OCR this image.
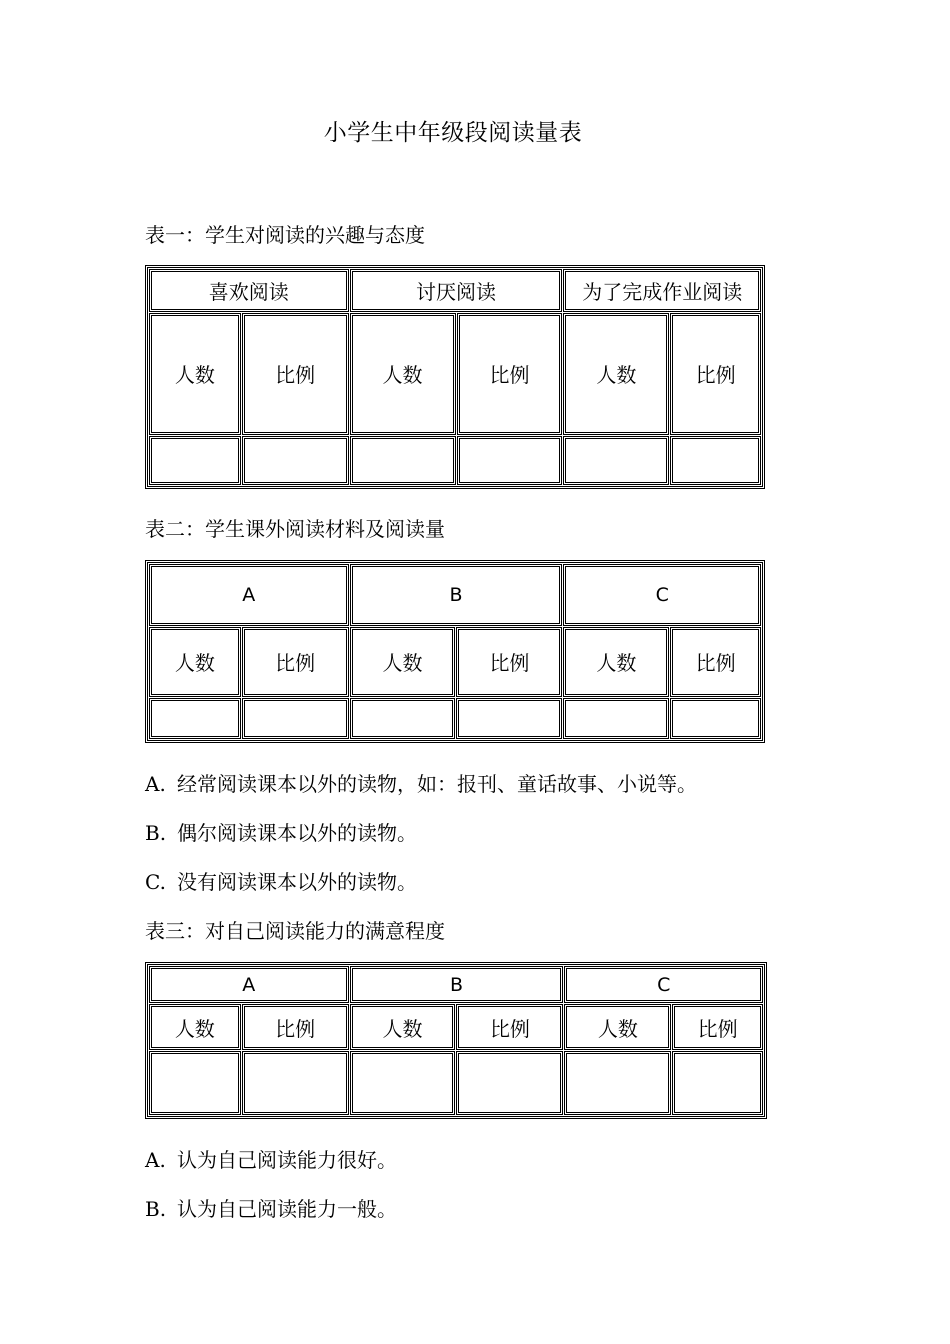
小学生中年级段阅读量表
表一：学生对阅读的兴趣与态度
喜欢阅读		讨厌阅读		为了完成作业阅读	
人数	比例	人数	比例	人数	比例

表二：学生课外阅读材料及阅读量
A		B		C	
人数	比例	人数	比例	人数	比例

A. 经常阅读课本以外的读物，如：报刊、童话故事、小说等。
B. 偶尔阅读课本以外的读物。
C. 没有阅读课本以外的读物。
表三：对自己阅读能力的满意程度
A		B		C	
人数	比例	人数	比例	人数	比例

A. 认为自己阅读能力很好。
B. 认为自己阅读能力一般。
